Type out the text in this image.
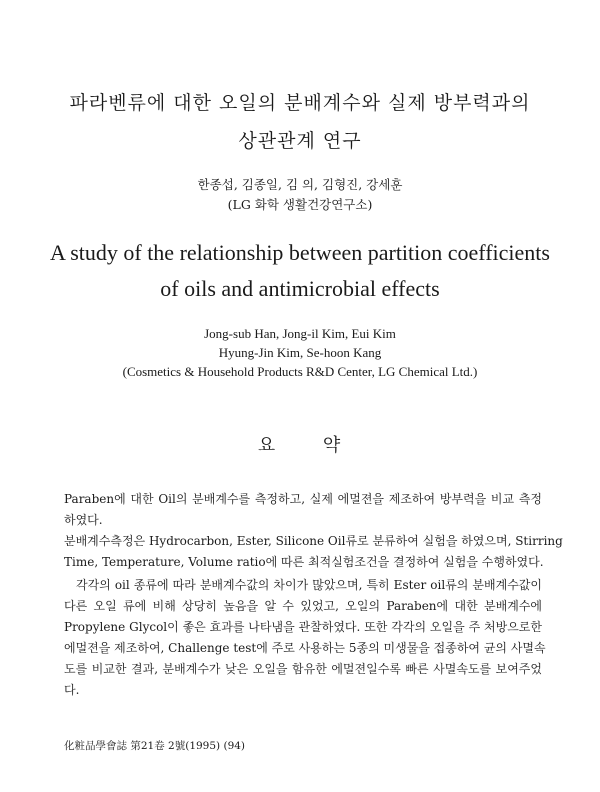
파라벤류에 대한 오일의 분배계수와 실제 방부력과의
상관관계 연구
한종섭, 김종일, 김 의, 김형진, 강세훈
(LG 화학 생활건강연구소)
A study of the relationship between partition coefficients
of oils and antimicrobial effects
Jong-sub Han, Jong-il Kim, Eui Kim
Hyung-Jin Kim, Se-hoon Kang
(Cosmetics & Household Products R&D Center, LG Chemical Ltd.)
요 약
Paraben에 대한 Oil의 분배계수를 측정하고, 실제 에멀젼을 제조하여 방부력을 비교 측정
하였다.
분배계수측정은 Hydrocarbon, Ester, Silicone Oil류로 분류하여 실험을 하였으며, Stirring
Time, Temperature, Volume ratio에 따른 최적실험조건을 결정하여 실험을 수행하였다.
각각의 oil 종류에 따라 분배계수값의 차이가 많았으며, 특히 Ester oil류의 분배계수값이
다른 오일 류에 비해 상당히 높음을 알 수 있었고, 오일의 Paraben에 대한 분배계수에
Propylene Glycol이 좋은 효과를 나타냄을 관찰하였다. 또한 각각의 오일을 주 처방으로한
에멀젼을 제조하여, Challenge test에 주로 사용하는 5종의 미생물을 접종하여 균의 사멸속
도를 비교한 결과, 분배계수가 낮은 오일을 함유한 에멀젼일수록 빠른 사멸속도를 보여주었
다.
化粧品學會誌 第21卷 2號(1995) (94)
